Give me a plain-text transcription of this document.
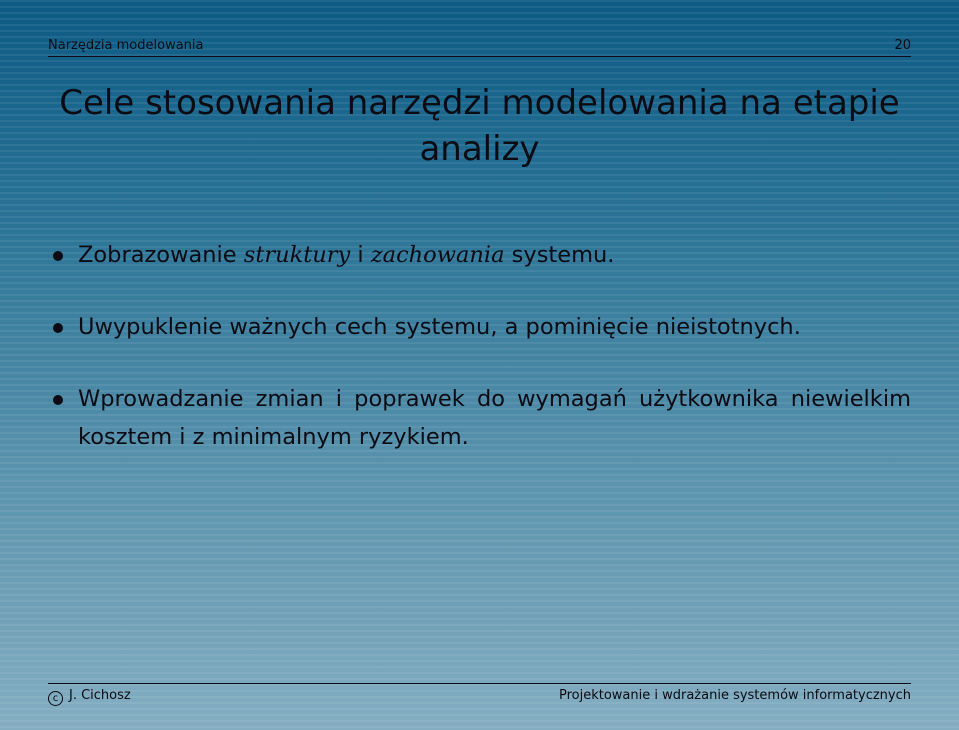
Narzędzia modelowania	20
Cele stosowania narzędzi modelowania na etapie
analizy
Zobrazowanie struktury i zachowania systemu.
Uwypuklenie ważnych cech systemu, a pominięcie nieistotnych.
Wprowadzanie zmian i poprawek do wymagań użytkownika niewielkim kosztem i z minimalnym ryzykiem.
c J. Cichosz	Projektowanie i wdrażanie systemów informatycznych
